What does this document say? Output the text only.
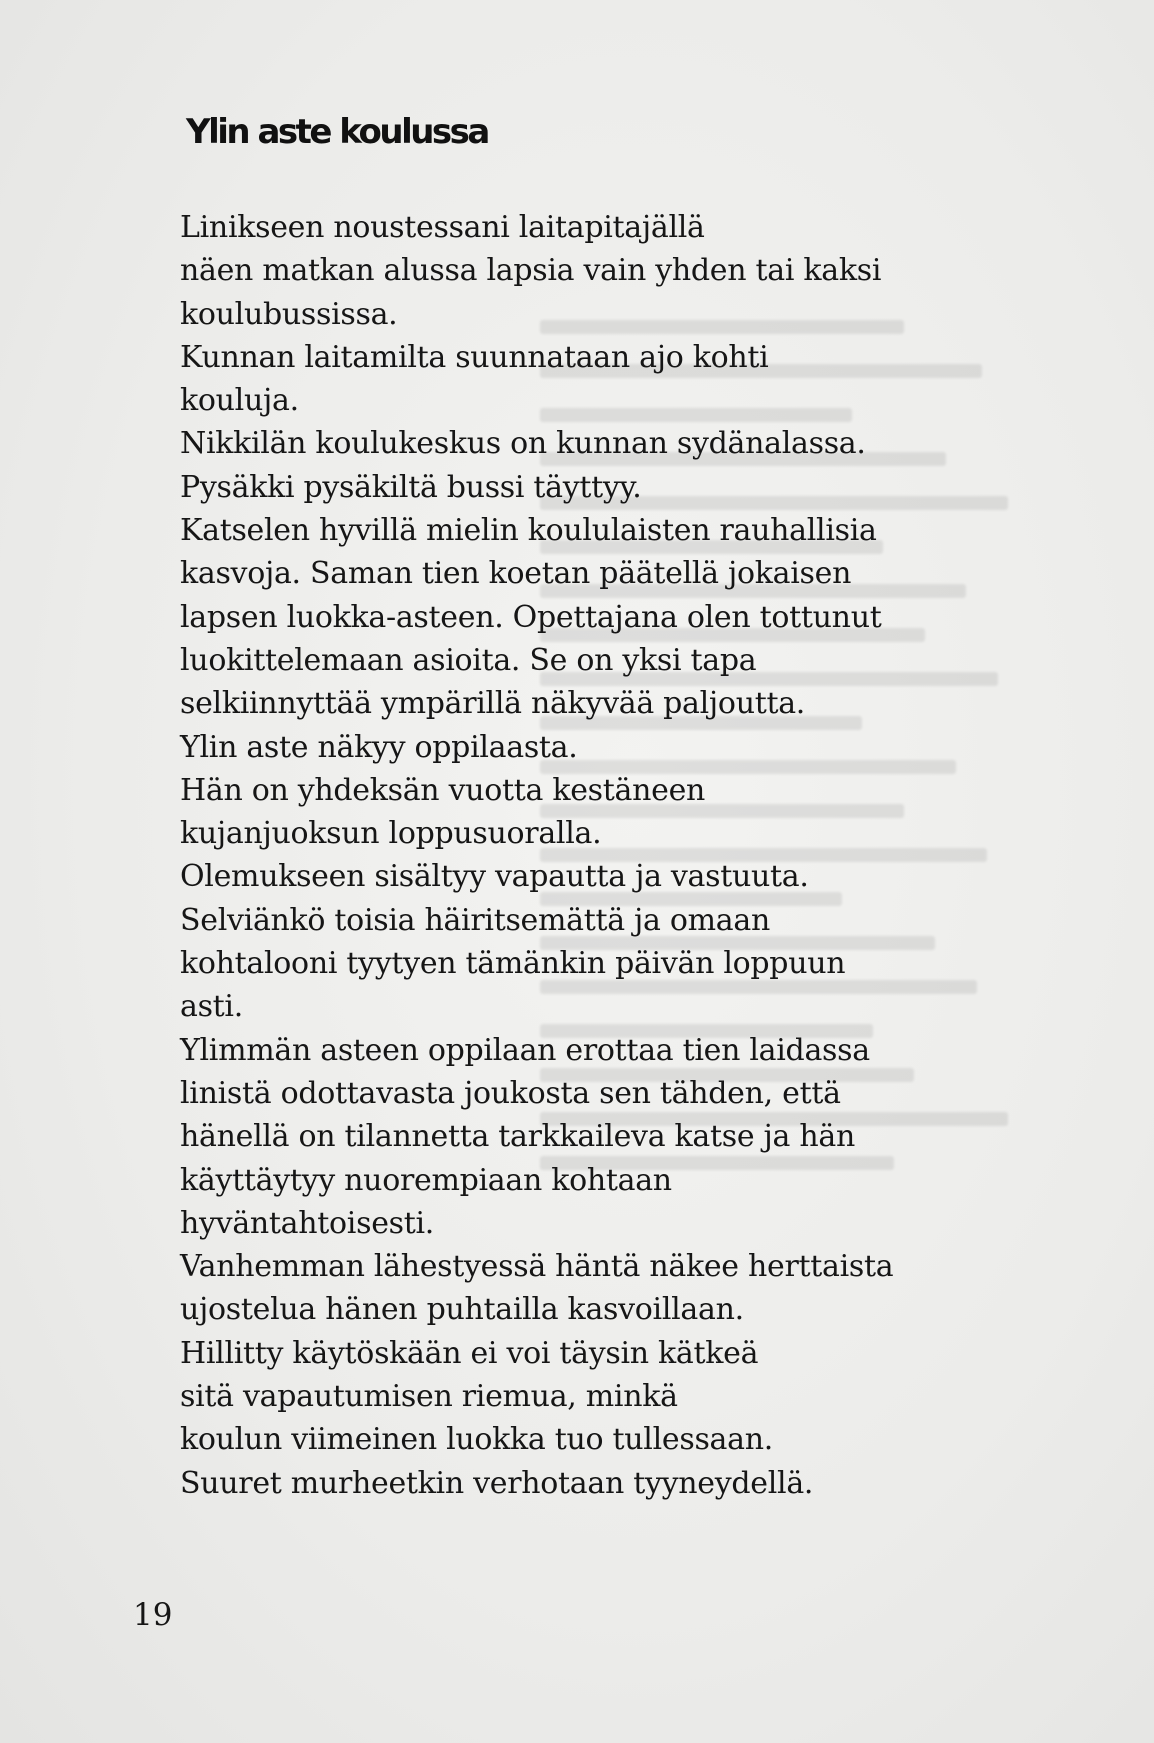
Ylin aste koulussa
Linikseen noustessani laitapitajällä
näen matkan alussa lapsia vain yhden tai kaksi
koulubussissa.
Kunnan laitamilta suunnataan ajo kohti
kouluja.
Nikkilän koulukeskus on kunnan sydänalassa.
Pysäkki pysäkiltä bussi täyttyy.
Katselen hyvillä mielin koululaisten rauhallisia
kasvoja. Saman tien koetan päätellä jokaisen
lapsen luokka-asteen. Opettajana olen tottunut
luokittelemaan asioita. Se on yksi tapa
selkiinnyttää ympärillä näkyvää paljoutta.
Ylin aste näkyy oppilaasta.
Hän on yhdeksän vuotta kestäneen
kujanjuoksun loppusuoralla.
Olemukseen sisältyy vapautta ja vastuuta.
Selviänkö toisia häiritsemättä ja omaan
kohtalooni tyytyen tämänkin päivän loppuun
asti.
Ylimmän asteen oppilaan erottaa tien laidassa
linistä odottavasta joukosta sen tähden, että
hänellä on tilannetta tarkkaileva katse ja hän
käyttäytyy nuorempiaan kohtaan
hyväntahtoisesti.
Vanhemman lähestyessä häntä näkee herttaista
ujostelua hänen puhtailla kasvoillaan.
Hillitty käytöskään ei voi täysin kätkeä
sitä vapautumisen riemua, minkä
koulun viimeinen luokka tuo tullessaan.
Suuret murheetkin verhotaan tyyneydellä.
19
